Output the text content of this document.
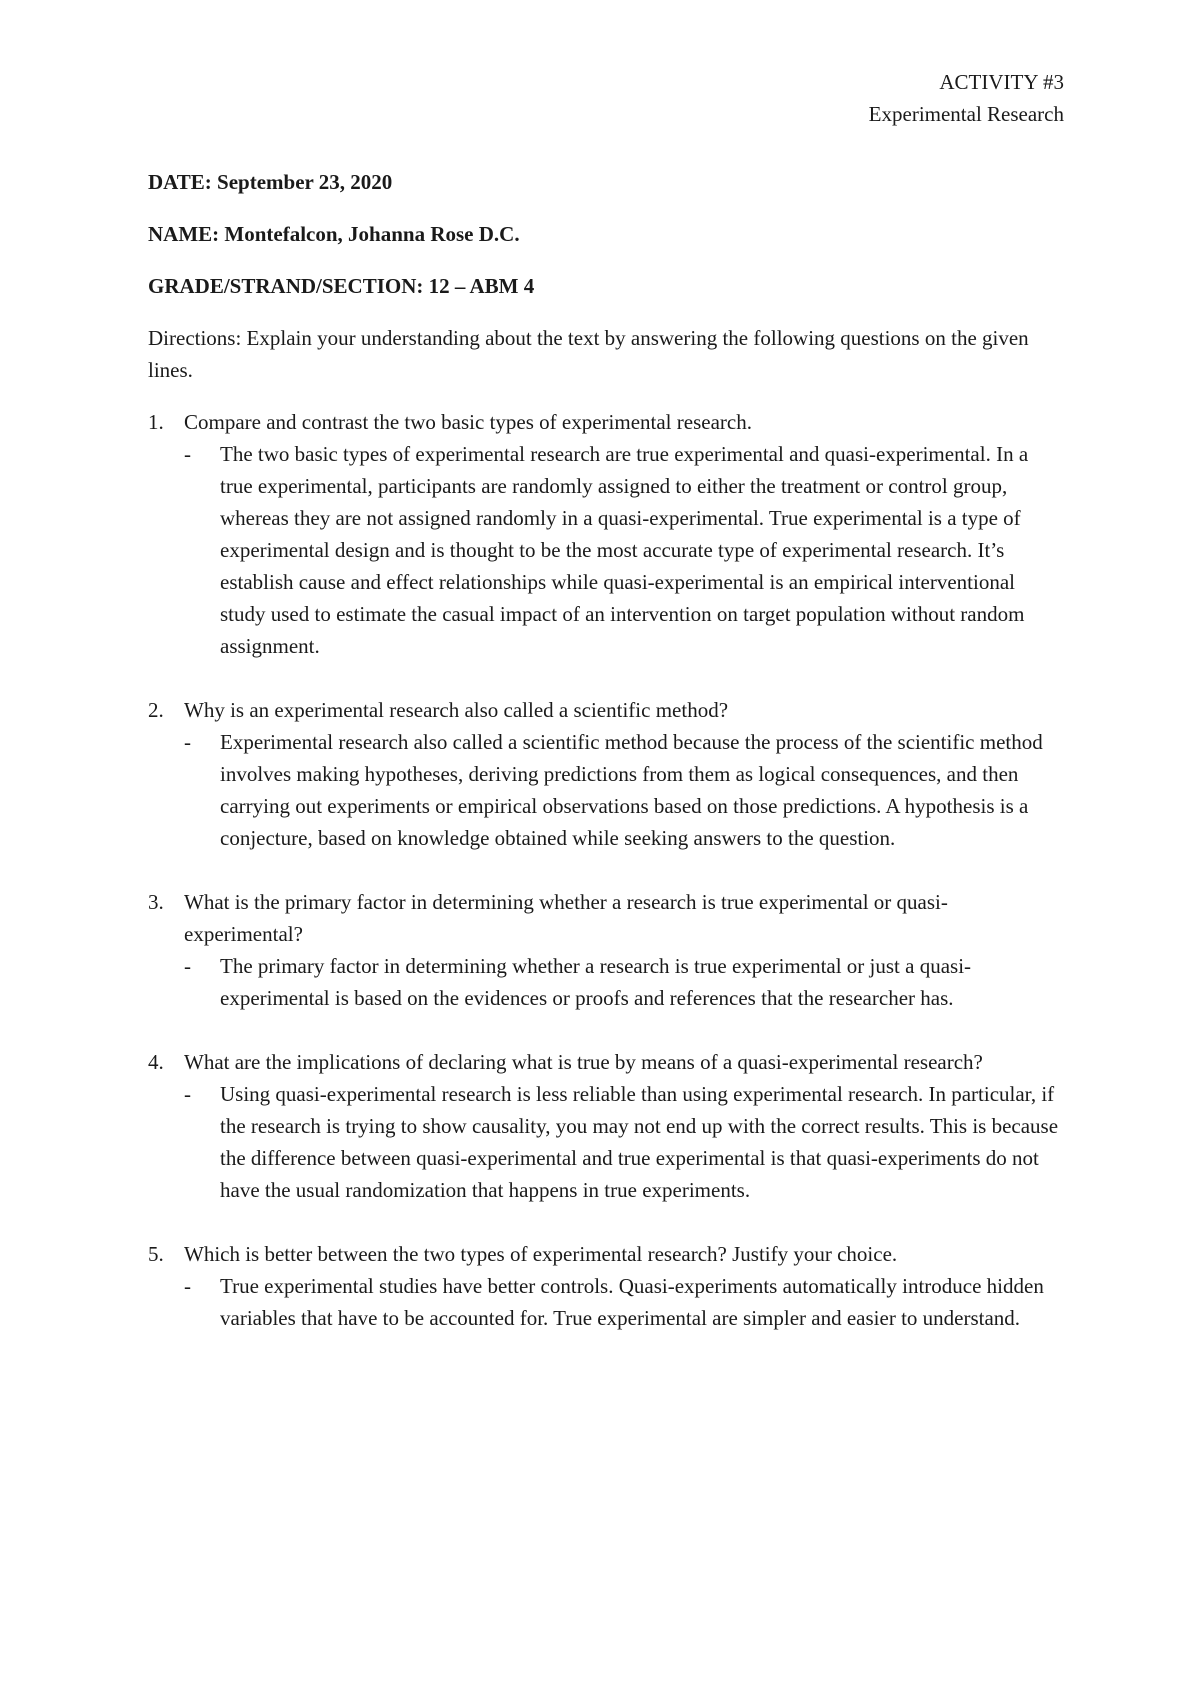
ACTIVITY #3
Experimental Research
DATE: September 23, 2020
NAME: Montefalcon, Johanna Rose D.C.
GRADE/STRAND/SECTION: 12 – ABM 4
Directions: Explain your understanding about the text by answering the following questions on the given lines.
1. Compare and contrast the two basic types of experimental research.
- The two basic types of experimental research are true experimental and quasi-experimental. In a true experimental, participants are randomly assigned to either the treatment or control group, whereas they are not assigned randomly in a quasi-experimental. True experimental is a type of experimental design and is thought to be the most accurate type of experimental research. It’s establish cause and effect relationships while quasi-experimental is an empirical interventional study used to estimate the casual impact of an intervention on target population without random assignment.
2. Why is an experimental research also called a scientific method?
- Experimental research also called a scientific method because the process of the scientific method involves making hypotheses, deriving predictions from them as logical consequences, and then carrying out experiments or empirical observations based on those predictions. A hypothesis is a conjecture, based on knowledge obtained while seeking answers to the question.
3. What is the primary factor in determining whether a research is true experimental or quasi-experimental?
- The primary factor in determining whether a research is true experimental or just a quasi-experimental is based on the evidences or proofs and references that the researcher has.
4. What are the implications of declaring what is true by means of a quasi-experimental research?
- Using quasi-experimental research is less reliable than using experimental research. In particular, if the research is trying to show causality, you may not end up with the correct results. This is because the difference between quasi-experimental and true experimental is that quasi-experiments do not have the usual randomization that happens in true experiments.
5. Which is better between the two types of experimental research? Justify your choice.
- True experimental studies have better controls. Quasi-experiments automatically introduce hidden variables that have to be accounted for. True experimental are simpler and easier to understand.
